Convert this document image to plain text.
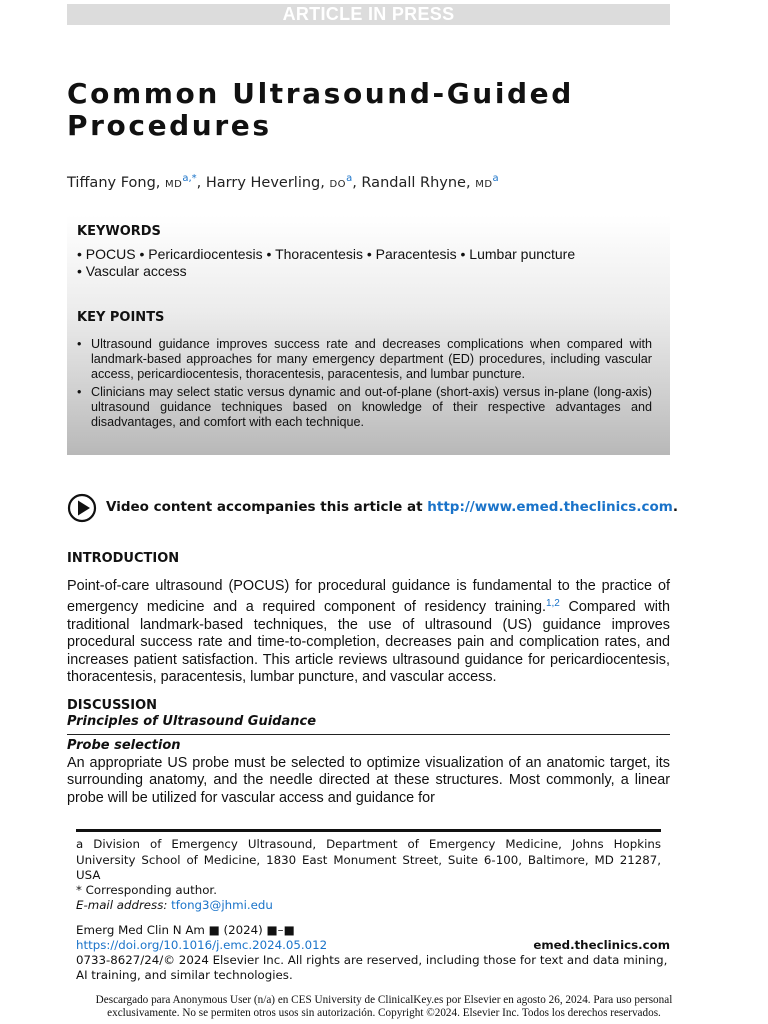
ARTICLE IN PRESS
Common Ultrasound-Guided
Procedures
Tiffany Fong, $MD^{a,*}$, Harry Heverling, $DO^a$, Randall Rhyne, $MD^a$
KEYWORDS
• POCUS • Pericardiocentesis • Thoracentesis • Paracentesis • Lumbar puncture
• Vascular access
KEY POINTS
• Ultrasound guidance improves success rate and decreases complications when compared with landmark-based approaches for many emergency department (ED) procedures, including vascular access, pericardiocentesis, thoracentesis, paracentesis, and lumbar puncture.
• Clinicians may select static versus dynamic and out-of-plane (short-axis) versus in-plane (long-axis) ultrasound guidance techniques based on knowledge of their respective advantages and disadvantages, and comfort with each technique.
Video content accompanies this article at http://www.emed.theclinics.com.
INTRODUCTION

Point-of-care ultrasound (POCUS) for procedural guidance is fundamental to the practice of emergency medicine and a required component of residency training.$^{1,2}$ Compared with traditional landmark-based techniques, the use of ultrasound (US) guidance improves procedural success rate and time-to-completion, decreases pain and complication rates, and increases patient satisfaction. This article reviews ultrasound guidance for pericardiocentesis, thoracentesis, paracentesis, lumbar puncture, and vascular access.

DISCUSSION
Principles of Ultrasound Guidance
Probe selection

An appropriate US probe must be selected to optimize visualization of an anatomic target, its surrounding anatomy, and the needle directed at these structures. Most commonly, a linear probe will be utilized for vascular access and guidance for

a Division of Emergency Ultrasound, Department of Emergency Medicine, Johns Hopkins University School of Medicine, 1830 East Monument Street, Suite 6-100, Baltimore, MD 21287, USA
* Corresponding author.
E-mail address: tfong3@jhmi.edu
Emerg Med Clin N Am ■ (2024) ■–■
https://doi.org/10.1016/j.emc.2024.05.012	emed.theclinics.com
0733-8627/24/© 2024 Elsevier Inc. All rights are reserved, including those for text and data mining,
AI training, and similar technologies.
Descargado para Anonymous User (n/a) en CES University de ClinicalKey.es por Elsevier en agosto 26, 2024. Para uso personal
exclusivamente. No se permiten otros usos sin autorización. Copyright ©2024. Elsevier Inc. Todos los derechos reservados.
